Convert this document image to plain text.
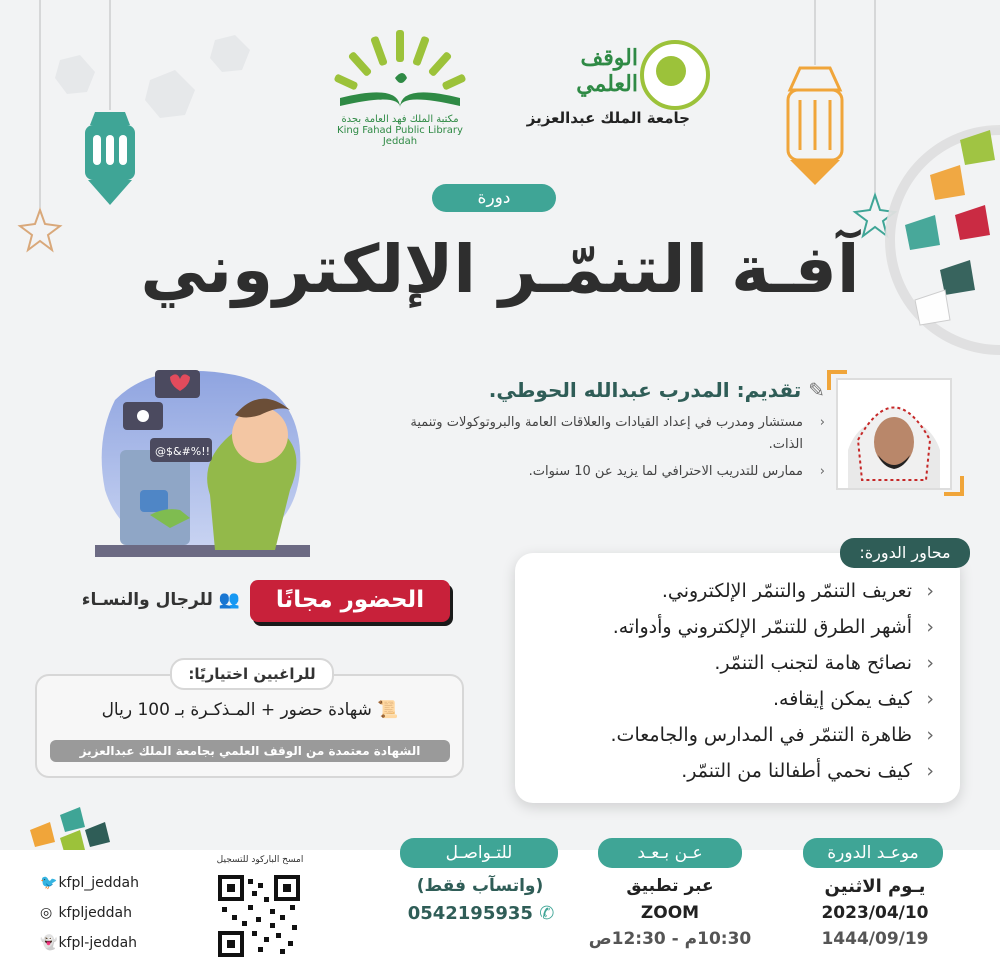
مكتبة الملك فهد العامة بجدة
King Fahad Public Library Jeddah
الوقف العلمي
جامعة الملك عبدالعزيز
دورة
آفـة التنمّـر الإلكتروني
@$&#%!!
✎ تقديم: المدرب عبدالله الحوطي.
‹ مستشار ومدرب في إعداد القيادات والعلاقات العامة والبروتوكولات وتنمية الذات.
‹ ممارس للتدريب الاحترافي لما يزيد عن 10 سنوات.
‹ تعريف التنمّر والتنمّر الإلكتروني.
‹ أشهر الطرق للتنمّر الإلكتروني وأدواته.
‹ نصائح هامة لتجنب التنمّر.
‹ كيف يمكن إيقافه.
‹ ظاهرة التنمّر في المدارس والجامعات.
‹ كيف نحمي أطفالنا من التنمّر.
محاور الدورة:
الحضور مجانًا
👥 للرجال والنسـاء
للراغبين اختياريًا:
📜 شهادة حضور + المـذكـرة بـ 100 ريال
الشهادة معتمدة من الوقف العلمي بجامعة الملك عبدالعزيز
موعـد الدورة
يـوم الاثنين
2023/04/10
1444/09/19
عـن بـعـد
عبر تطبيق
ZOOM
10:30م - 12:30ص
للتـواصـل
(واتسآب فقط)
0542195935 ✆
امسح الباركود للتسجيل
🐦 kfpl_jeddah
◎ kfpljeddah
👻 kfpl-jeddah
